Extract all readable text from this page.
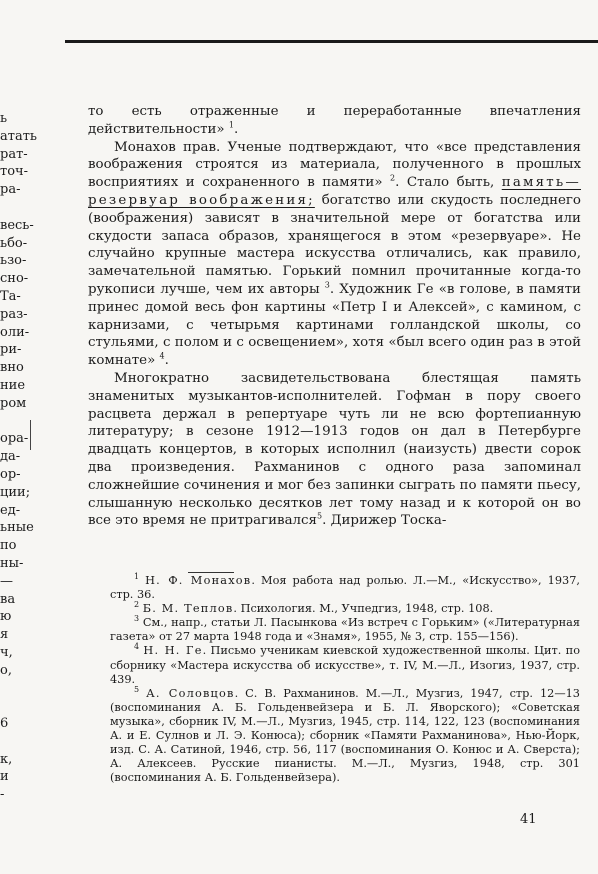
ь
атать
рат-
точ-
ра-
весь-
ьбо-
ьзо-
сно-
Та-
раз-
оли-
ри-
вно
ние
ром
ора-
да-
ор-
ции;
ед-
ьные
по
ны-
—
ва
ю
я
ч,
о,
6
к,
и
-

то есть отраженные и переработанные впечатления действительности» $^1$.

Монахов прав. Ученые подтверждают, что «все представления воображения строятся из материала, полученного в прошлых восприятиях и сохраненного в памяти» $^2$. Стало быть, память—резервуар воображения; богатство или скудость последнего (воображения) зависят в значительной мере от богатства или скудости запаса образов, хранящегося в этом «резервуаре». Не случайно крупные мастера искусства отличались, как правило, замечательной памятью. Горький помнил прочитанные когда-то рукописи лучше, чем их авторы $^3$. Художник Ге «в голове, в памяти принес домой весь фон картины «Петр I и Алексей», с камином, с карнизами, с четырьмя картинами голландской школы, со стульями, с полом и с освещением», хотя «был всего один раз в этой комнате» $^4$.

Многократно засвидетельствована блестящая память знаменитых музыкантов-исполнителей. Гофман в пору своего расцвета держал в репертуаре чуть ли не всю фортепианную литературу; в сезоне 1912—1913 годов он дал в Петербурге двадцать концертов, в которых исполнил (наизусть) двести сорок два произведения. Рахманинов с одного раза запоминал сложнейшие сочинения и мог без запинки сыграть по памяти пьесу, слышанную несколько десятков лет тому назад и к которой он во все это время не притрагивался$^5$. Дирижер Тоска-

$^1$ Н. Ф. Монахов. Моя работа над ролью. Л.—М., «Искусство», 1937, стр. 36.

$^2$ Б. М. Теплов. Психология. М., Учпедгиз, 1948, стр. 108.

$^3$ См., напр., статьи Л. Пасынкова «Из встреч с Горьким» («Литературная газета» от 27 марта 1948 года и «Знамя», 1955, № 3, стр. 155—156).

$^4$ Н. Н. Ге. Письмо ученикам киевской художественной школы. Цит. по сборнику «Мастера искусства об искусстве», т. IV, М.—Л., Изогиз, 1937, стр. 439.

$^5$ А. Соловцов. С. В. Рахманинов. М.—Л., Музгиз, 1947, стр. 12—13 (воспоминания А. Б. Гольденвейзера и Б. Л. Яворского); «Советская музыка», сборник IV, М.—Л., Музгиз, 1945, стр. 114, 122, 123 (воспоминания А. и Е. Сулнов и Л. Э. Конюса); сборник «Памяти Рахманинова», Нью-Йорк, изд. С. А. Сатиной, 1946, стр. 56, 117 (воспоминания О. Конюс и А. Сверста); А. Алексеев. Русские пианисты. М.—Л., Музгиз, 1948, стр. 301 (воспоминания А. Б. Гольденвейзера).

41
